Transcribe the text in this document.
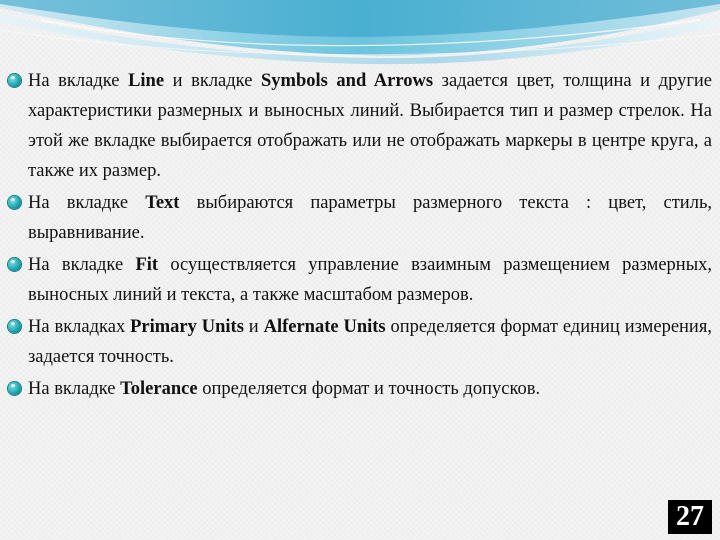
На вкладке Line и вкладке Symbols and Arrows задается цвет, толщина и другие характеристики размерных и выносных линий. Выбирается тип и размер стрелок. На этой же вкладке выбирается отображать или не отображать маркеры в центре круга, а также их размер.
На вкладке Text выбираются параметры размерного текста : цвет, стиль, выравнивание.
На вкладке Fit осуществляется управление взаимным размещением размерных, выносных линий и текста, а также масштабом размеров.
На вкладках Primary Units и Alfernate Units определяется формат единиц измерения, задается точность.
На вкладке Tolerance определяется формат и точность допусков.
27
